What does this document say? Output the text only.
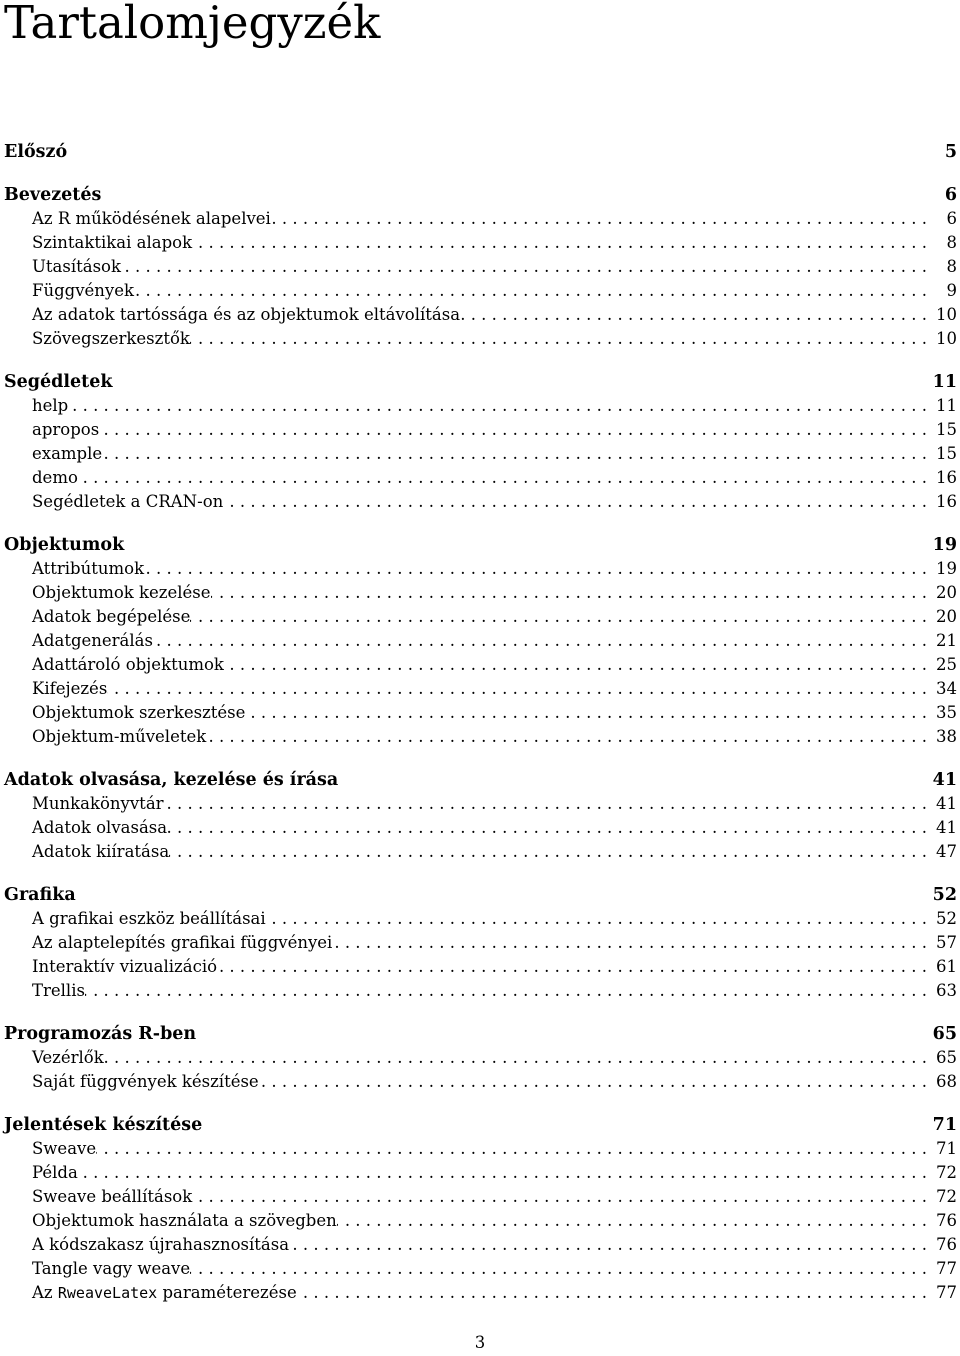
Tartalomjegyzék
Előszó	5
Bevezetés	6
Az R működésének alapelvei . . .	6
Szintaktikai alapok . . .	8
Utasítások . . .	8
Függvények . . .	9
Az adatok tartóssága és az objektumok eltávolítása . . .	10
Szövegszerkesztők . . .	10
Segédletek	11
help . . .	11
apropos . . .	15
example . . .	15
demo . . .	16
Segédletek a CRAN-on . . .	16
Objektumok	19
Attribútumok . . .	19
Objektumok kezelése . . .	20
Adatok begépelése . . .	20
Adatgenerálás . . .	21
Adattároló objektumok . . .	25
Kifejezés . . .	34
Objektumok szerkesztése . . .	35
Objektum-műveletek . . .	38
Adatok olvasása, kezelése és írása	41
Munkakönyvtár . . .	41
Adatok olvasása . . .	41
Adatok kiíratása . . .	47
Grafika	52
A grafikai eszköz beállításai . . .	52
Az alaptelepítés grafikai függvényei . . .	57
Interaktív vizualizáció . . .	61
Trellis . . .	63
Programozás R-ben	65
Vezérlők . . .	65
Saját függvények készítése . . .	68
Jelentések készítése	71
Sweave . . .	71
Példa . . .	72
Sweave beállítások . . .	72
Objektumok használata a szövegben . . .	76
A kódszakasz újrahasznosítása . . .	76
Tangle vagy weave . . .	77
Az RweaveLatex paraméterezése . . .	77
3
